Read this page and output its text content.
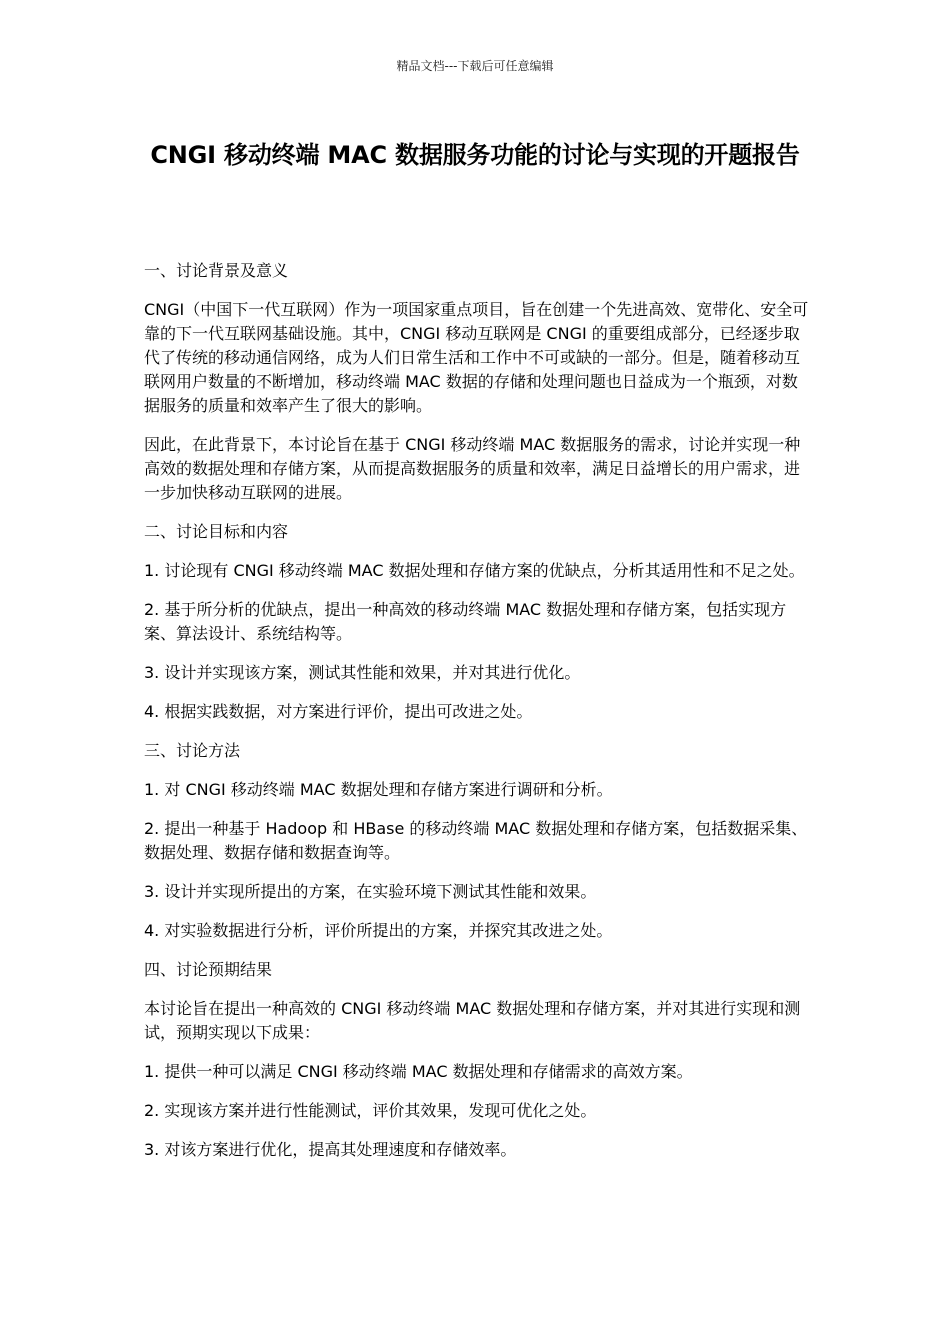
精品文档---下载后可任意编辑
CNGI 移动终端 MAC 数据服务功能的讨论与实现的开题报告

一、讨论背景及意义

CNGI（中国下一代互联网）作为一项国家重点项目，旨在创建一个先进高效、宽带化、安全可靠的下一代互联网基础设施。其中，CNGI 移动互联网是 CNGI 的重要组成部分，已经逐步取代了传统的移动通信网络，成为人们日常生活和工作中不可或缺的一部分。但是，随着移动互联网用户数量的不断增加，移动终端 MAC 数据的存储和处理问题也日益成为一个瓶颈，对数据服务的质量和效率产生了很大的影响。

因此，在此背景下，本讨论旨在基于 CNGI 移动终端 MAC 数据服务的需求，讨论并实现一种高效的数据处理和存储方案，从而提高数据服务的质量和效率，满足日益增长的用户需求，进一步加快移动互联网的进展。

二、讨论目标和内容

1. 讨论现有 CNGI 移动终端 MAC 数据处理和存储方案的优缺点，分析其适用性和不足之处。

2. 基于所分析的优缺点，提出一种高效的移动终端 MAC 数据处理和存储方案，包括实现方案、算法设计、系统结构等。

3. 设计并实现该方案，测试其性能和效果，并对其进行优化。

4. 根据实践数据，对方案进行评价，提出可改进之处。

三、讨论方法

1. 对 CNGI 移动终端 MAC 数据处理和存储方案进行调研和分析。

2. 提出一种基于 Hadoop 和 HBase 的移动终端 MAC 数据处理和存储方案，包括数据采集、数据处理、数据存储和数据查询等。

3. 设计并实现所提出的方案，在实验环境下测试其性能和效果。

4. 对实验数据进行分析，评价所提出的方案，并探究其改进之处。

四、讨论预期结果

本讨论旨在提出一种高效的 CNGI 移动终端 MAC 数据处理和存储方案，并对其进行实现和测试，预期实现以下成果：

1. 提供一种可以满足 CNGI 移动终端 MAC 数据处理和存储需求的高效方案。

2. 实现该方案并进行性能测试，评价其效果，发现可优化之处。

3. 对该方案进行优化，提高其处理速度和存储效率。
